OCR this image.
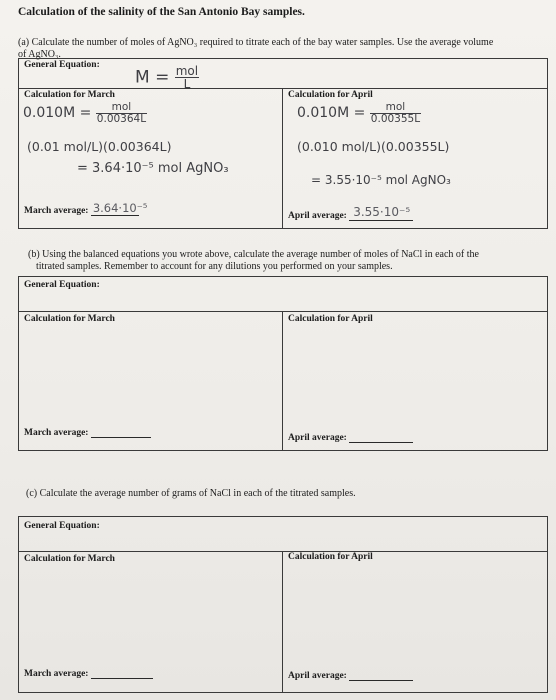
Calculation of the salinity of the San Antonio Bay samples.
(a) Calculate the number of moles of AgNO₃ required to titrate each of the bay water samples. Use the average volume
of AgNO₃.
General Equation:
M = mol
L
Calculation for March
0.010M =	mol
0.00364L
(0.01 mol/L)(0.00364L)
= 3.64·10⁻⁵ mol AgNO₃
March average: 3.64·10⁻⁵
Calculation for April
0.010M =	mol
0.00355L
(0.010 mol/L)(0.00355L)
= 3.55·10⁻⁵ mol AgNO₃
April average: 3.55·10⁻⁵
(b) Using the balanced equations you wrote above, calculate the average number of moles of NaCl in each of the
titrated samples. Remember to account for any dilutions you performed on your samples.
General Equation:
Calculation for March
March average:
Calculation for April
April average:
(c) Calculate the average number of grams of NaCl in each of the titrated samples.
General Equation:
Calculation for March
March average:
Calculation for April
April average:
